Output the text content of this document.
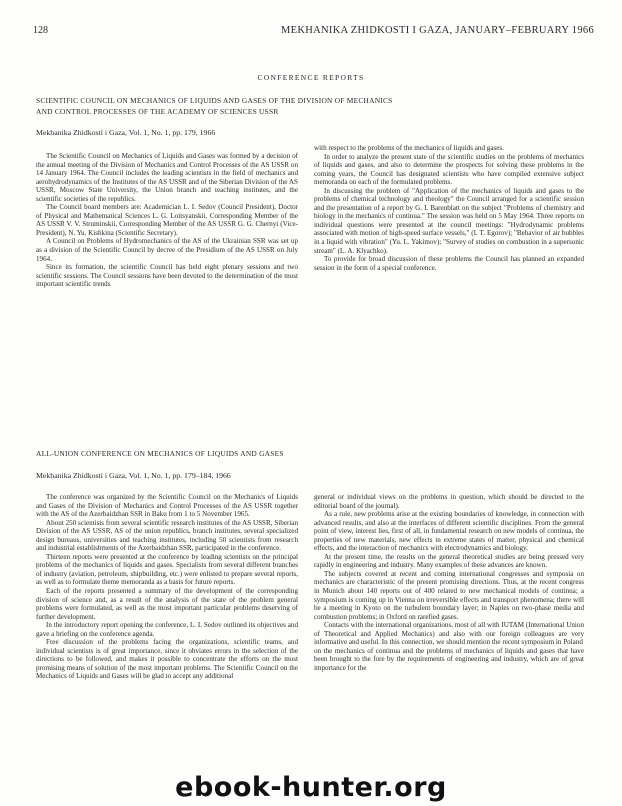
128	MEKHANIKA ZHIDKOSTI I GAZA, JANUARY–FEBRUARY 1966
CONFERENCE REPORTS
SCIENTIFIC COUNCIL ON MECHANICS OF LIQUIDS AND GASES OF THE DIVISION OF MECHANICS
AND CONTROL PROCESSES OF THE ACADEMY OF SCIENCES USSR
Mekhanika Zhidkosti i Gaza, Vol. 1, No. 1, pp. 179, 1966

The Scientific Council on Mechanics of Liquids and Gases was formed by a decision of the annual meeting of the Division of Mechanics and Control Processes of the AS USSR on 14 January 1964. The Council includes the leading scientists in the field of mechanics and aerohydrodynamics of the Institutes of the AS USSR and of the Siberian Division of the AS USSR, Moscow State University, the Union branch and teaching institutes, and the scientific societies of the republics.

The Council board members are: Academician L. I. Sedov (Council President), Doctor of Physical and Mathematical Sciences L. G. Loitsyanskii, Corresponding Member of the AS USSR V. V. Struminskii, Corresponding Member of the AS USSR G. G. Chernyi (Vice-President), N. Yu. Kishkina (Scientific Secretary).

A Council on Problems of Hydromechanics of the AS of the Ukrainian SSR was set up as a division of the Scientific Council by decree of the Presidium of the AS USSR on July 1964.

Since its formation, the scientific Council has held eight plenary sessions and two scientific sessions. The Council sessions have been devoted to the determination of the most important scientific trends

with respect to the problems of the mechanics of liquids and gases.

In order to analyze the present state of the scientific studies on the problems of mechanics of liquids and gases, and also to determine the prospects for solving these problems in the coming years, the Council has designated scientists who have compiled extensive subject memoranda on each of the formulated problems.

In discussing the problem of "Application of the mechanics of liquids and gases to the problems of chemical technology and rheology" the Council arranged for a scientific session and the presentation of a report by G. I. Barenblatt on the subject "Problems of chemistry and biology in the mechanics of continua." The session was held on 5 May 1964. Three reports on individual questions were presented at the council meetings: "Hydrodynamic problems associated with motion of high-speed surface vessels," (I. T. Egorov); "Behavior of air bubbles in a liquid with vibration" (Yu. L. Yakimov); "Survey of studies on combustion in a supersonic stream" (L. A. Klyachko).

To provide for broad discussion of these problems the Council has planned an expanded session in the form of a special conference.

ALL-UNION CONFERENCE ON MECHANICS OF LIQUIDS AND GASES
Mekhanika Zhidkosti i Gaza, Vol. 1, No. 1, pp. 179–184, 1966

The conference was organized by the Scientific Council on the Mechanics of Liquids and Gases of the Division of Mechanics and Control Processes of the AS USSR together with the AS of the Azerbaidzhan SSR in Baku from 1 to 5 November 1965.

About 250 scientists from several scientific research institutes of the AS USSR, Siberian Division of the AS USSR, AS of the union republics, branch institutes, several specialized design bureaus, universities and teaching institutes, including 50 scientists from research and industrial establishments of the Azerbaidzhan SSR, participated in the conference.

Thirteen reports were presented at the conference by leading scientists on the principal problems of the mechanics of liquids and gases. Specialists from several different branches of industry (aviation, petroleum, shipbuilding, etc.) were enlisted to prepare several reports, as well as to formulate theme memoranda as a basis for future reports.

Each of the reports presented a summary of the development of the corresponding division of science and, as a result of the analysis of the state of the problem general problems were formulated, as well as the most important particular problems deserving of further development.

In the introductory report opening the conference, L. I. Sedov outlined its objectives and gave a briefing on the conference agenda.

Free discussion of the problems facing the organizations, scientific teams, and individual scientists is of great importance, since it obviates errors in the selection of the directions to be followed, and makes it possible to concentrate the efforts on the most promising means of solution of the most important problems. The Scientific Council on the Mechanics of Liquids and Gases will be glad to accept any additional

general or individual views on the problems in question, which should be directed to the editorial board of the journal).

As a rule, new problems arise at the existing boundaries of knowledge, in connection with advanced results, and also at the interfaces of different scientific disciplines. From the general point of view, interest lies, first of all, in fundamental research on new models of continua, the properties of new materials, new effects in extreme states of matter, physical and chemical effects, and the interaction of mechanics with electrodynamics and biology.

At the present time, the results on the general theoretical studies are being pressed very rapidly in engineering and industry. Many examples of these advances are known.

The subjects covered at recent and coming international congresses and symposia on mechanics are characteristic of the present promising directions. Thus, at the recent congress in Munich about 140 reports out of 400 related to new mechanical models of continua; a symposium is coming up in Vienna on irreversible effects and transport phenomena; there will be a meeting in Kyoto on the turbulent boundary layer; in Naples on two-phase media and combustion problems; in Oxford on rarefied gases.

Contacts with the international organizations, most of all with IUTAM (International Union of Theoretical and Applied Mechanics) and also with our foreign colleagues are very informative and useful. In this connection, we should mention the recent symposium in Poland

on the mechanics of continua and the problems of mechanics of liquids and gases that have been brought to the fore by the requirements of engineering and industry, which are of great importance for the

ebook-hunter.org
